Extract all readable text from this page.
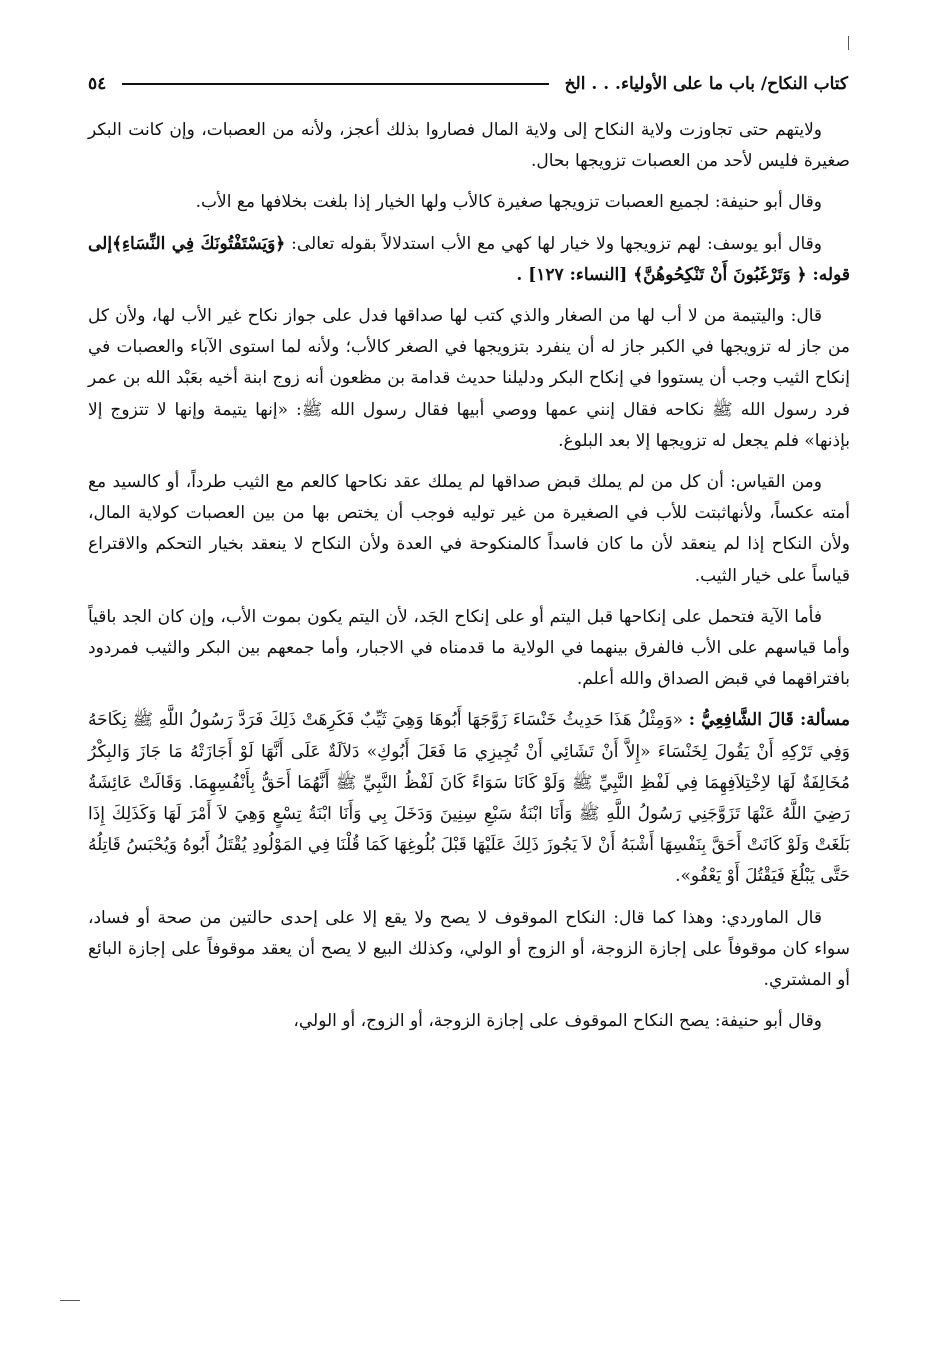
كتاب النكاح/ باب ما على الأولياء. . . الخ
٥٤

ولايتهم حتى تجاوزت ولاية النكاح إلى ولاية المال فصاروا بذلك أعجز، ولأنه من العصبات، وإن كانت البكر صغيرة فليس لأحد من العصبات تزويجها بحال.

وقال أبو حنيفة: لجميع العصبات تزويجها صغيرة كالأب ولها الخيار إذا بلغت بخلافها مع الأب.

وقال أبو يوسف: لهم تزويجها ولا خيار لها كهي مع الأب استدلالاً بقوله تعالى: ﴿وَيَسْتَفْتُونَكَ فِي النِّسَاءِ﴾إلى قوله: ﴿ وَتَرْغَبُونَ أَنْ تَنْكِحُوهُنَّ﴾ [النساء: ١٢٧] .

قال: واليتيمة من لا أب لها من الصغار والذي كتب لها صداقها فدل على جواز نكاح غير الأب لها، ولأن كل من جاز له تزويجها في الكبر جاز له أن ينفرد بتزويجها في الصغر كالأب؛ ولأنه لما استوى الآباء والعصبات في إنكاح الثيب وجب أن يستووا في إنكاح البكر ودليلنا حديث قدامة بن مظعون أنه زوج ابنة أخيه بعَبْد الله بن عمر فرد رسول الله ﷺ نكاحه فقال إنني عمها ووصي أبيها فقال رسول الله ﷺ: «إنها يتيمة وإنها لا تتزوج إلا بإذنها» فلم يجعل له تزويجها إلا بعد البلوغ.

ومن القياس: أن كل من لم يملك قبض صداقها لم يملك عقد نكاحها كالعم مع الثيب طرداً، أو كالسيد مع أمته عكساً، ولأنهاثبتت للأب في الصغيرة من غير توليه فوجب أن يختص بها من بين العصبات كولاية المال، ولأن النكاح إذا لم ينعقد لأن ما كان فاسداً كالمنكوحة في العدة ولأن النكاح لا ينعقد بخيار التحكم والاقتراع قياساً على خيار الثيب.

فأما الآية فتحمل على إنكاحها قبل اليتم أو على إنكاح الجَد، لأن اليتم يكون بموت الأب، وإن كان الجد باقياً وأما قياسهم على الأب فالفرق بينهما في الولاية ما قدمناه في الاجبار، وأما جمعهم بين البكر والثيب فمردود بافتراقهما في قبض الصداق والله أعلم.

مسألة: قَالَ الشَّافِعِيُّ : «وَمِثْلُ هَذَا حَدِيثُ خَنْسَاءَ زَوَّجَهَا أَبُوهَا وَهِيَ ثَيِّبٌ فَكَرِهَتْ ذَلِكَ فَرَدَّ رَسُولُ اللَّهِ ﷺ نِكَاحَهُ وَفِي تَرْكِهِ أَنْ يَقُولَ لِخَنْسَاءَ «إِلاَّ أَنْ تَشَائِي أَنْ تُجِيزِي مَا فَعَلَ أَبُوكِ» دَلاَلَةٌ عَلَى أَنَّهَا لَوْ أَجَازَتْهُ مَا جَازَ وَالبِكْرُ مُخَالِفَةٌ لَهَا لاِخْتِلاَفِهِمَا فِي لَفْظِ النَّبِيِّ ﷺ وَلَوْ كَانَا سَوَاءً كَانَ لَفْظُ النَّبِيِّ ﷺ أَنَّهُمَا أَحَقُّ بِأَنْفُسِهِمَا. وَقَالَتْ عَائِشَةُ رَضِيَ اللَّهُ عَنْهَا تَزَوَّجَنِي رَسُولُ اللَّهِ ﷺ وَأَنَا ابْنَةُ سَبْعِ سِنِينَ وَدَخَلَ بِي وَأَنَا ابْنَةُ تِسْعٍ وَهِيَ لاَ أَمْرَ لَهَا وَكَذَلِكَ إِذَا بَلَغَتْ وَلَوْ كَانَتْ أَحَقَّ بِنَفْسِهَا أَشْبَهُ أَنْ لاَ يَجُوزَ ذَلِكَ عَلَيْهَا قَبْلَ بُلُوغِهَا كَمَا قُلْنَا فِي المَوْلُودِ يُقْتَلُ أَبُوهُ وَيُحْبَسُ قَاتِلُهُ حَتَّى يَبْلُغَ فَيَقْتُلَ أَوْ يَعْفُو».

قال الماوردي: وهذا كما قال: النكاح الموقوف لا يصح ولا يقع إلا على إحدى حالتين من صحة أو فساد، سواء كان موقوفاً على إجازة الزوجة، أو الزوج أو الولي، وكذلك البيع لا يصح أن يعقد موقوفاً على إجازة البائع أو المشتري.

وقال أبو حنيفة: يصح النكاح الموقوف على إجازة الزوجة، أو الزوج، أو الولي،
